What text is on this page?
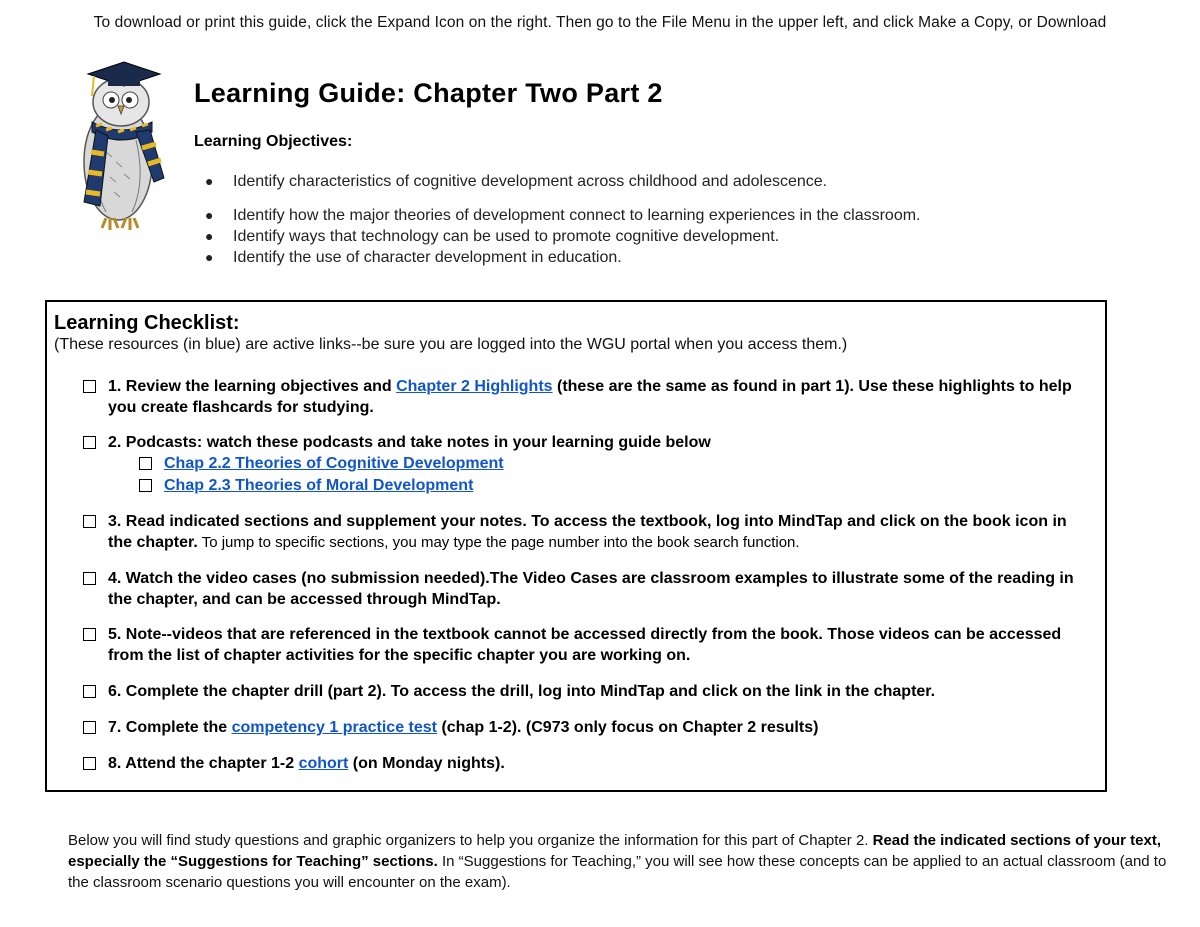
To download or print this guide, click the Expand Icon on the right. Then go to the File Menu in the upper left, and click Make a Copy, or Download
Learning Guide: Chapter Two Part 2
Learning Objectives:
● Identify characteristics of cognitive development across childhood and adolescence.
● Identify how the major theories of development connect to learning experiences in the classroom.
● Identify ways that technology can be used to promote cognitive development.
● Identify the use of character development in education.
Learning Checklist:
(These resources (in blue) are active links--be sure you are logged into the WGU portal when you access them.)
1. Review the learning objectives and Chapter 2 Highlights (these are the same as found in part 1). Use these highlights to help you create flashcards for studying.
2. Podcasts: watch these podcasts and take notes in your learning guide below
Chap 2.2 Theories of Cognitive Development
Chap 2.3 Theories of Moral Development
3. Read indicated sections and supplement your notes. To access the textbook, log into MindTap and click on the book icon in the chapter. To jump to specific sections, you may type the page number into the book search function.
4. Watch the video cases (no submission needed).The Video Cases are classroom examples to illustrate some of the reading in the chapter, and can be accessed through MindTap.
5. Note--videos that are referenced in the textbook cannot be accessed directly from the book. Those videos can be accessed from the list of chapter activities for the specific chapter you are working on.
6. Complete the chapter drill (part 2). To access the drill, log into MindTap and click on the link in the chapter.
7. Complete the competency 1 practice test (chap 1-2). (C973 only focus on Chapter 2 results)
8. Attend the chapter 1-2 cohort (on Monday nights).
Below you will find study questions and graphic organizers to help you organize the information for this part of Chapter 2. Read the indicated sections of your text, especially the “Suggestions for Teaching” sections. In “Suggestions for Teaching,” you will see how these concepts can be applied to an actual classroom (and to the classroom scenario questions you will encounter on the exam).
